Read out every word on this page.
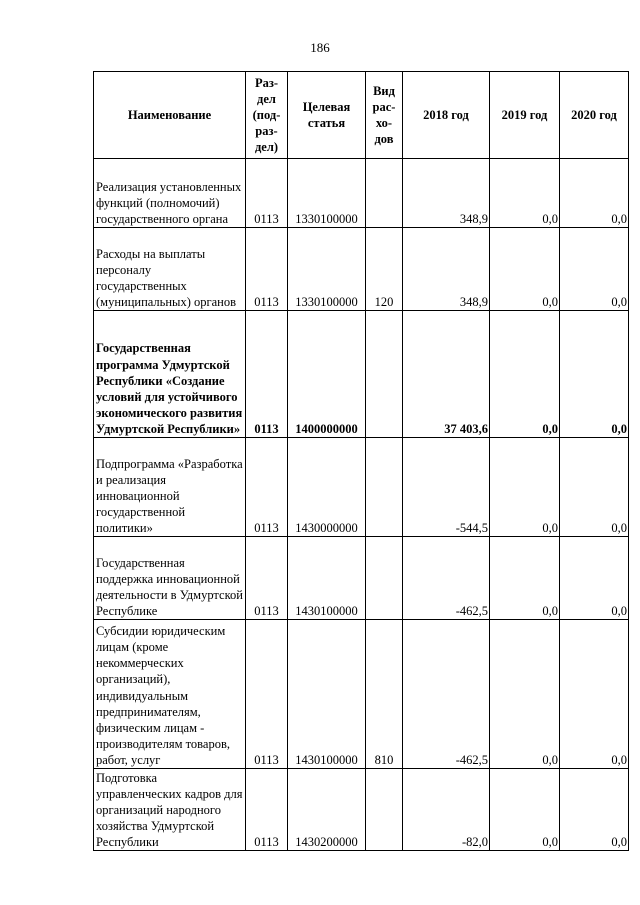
186
Наименование	Раз-дел (под-раз-дел)	Целевая статья	Вид рас-хо-дов	2018 год	2019 год	2020 год
Реализация установленных функций (полномочий) государственного органа	0113	1330100000		348,9	0,0	0,0
Расходы на выплаты персоналу государственных (муниципальных) органов	0113	1330100000	120	348,9	0,0	0,0
Государственная программа Удмуртской Республики «Создание условий для устойчивого экономического развития Удмуртской Республики»	0113	1400000000		37 403,6	0,0	0,0
Подпрограмма «Разработка и реализация инновационной государственной политики»	0113	1430000000		-544,5	0,0	0,0
Государственная поддержка инновационной деятельности в Удмуртской Республике	0113	1430100000		-462,5	0,0	0,0
Субсидии юридическим лицам (кроме некоммерческих организаций), индивидуальным предпринимателям, физическим лицам - производителям товаров, работ, услуг	0113	1430100000	810	-462,5	0,0	0,0
Подготовка управленческих кадров для организаций народного хозяйства Удмуртской Республики	0113	1430200000		-82,0	0,0	0,0
